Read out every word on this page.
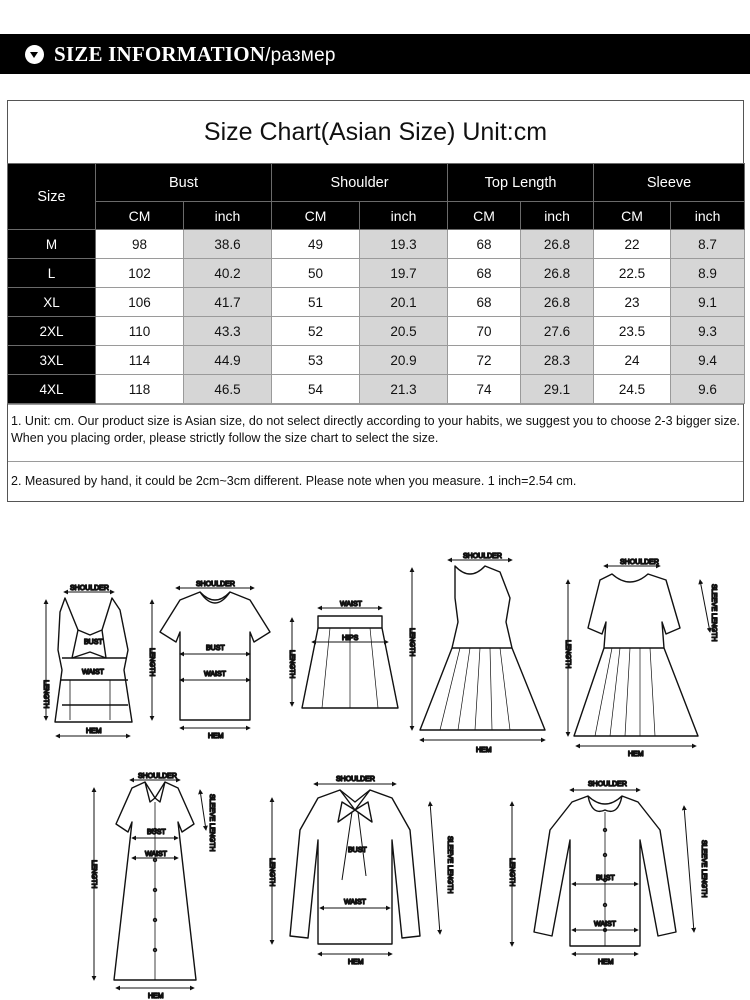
SIZE INFORMATION/размер
Size Chart(Asian Size) Unit:cm
Size	Bust		Shoulder		Top Length		Sleeve	
	CM	inch	CM	inch	CM	inch	CM	inch
M	98	38.6	49	19.3	68	26.8	22	8.7
L	102	40.2	50	19.7	68	26.8	22.5	8.9
XL	106	41.7	51	20.1	68	26.8	23	9.1
2XL	110	43.3	52	20.5	70	27.6	23.5	9.3
3XL	114	44.9	53	20.9	72	28.3	24	9.4
4XL	118	46.5	54	21.3	74	29.1	24.5	9.6
1. Unit: cm. Our product size is Asian size, do not select directly according to your habits, we suggest you to choose 2-3 bigger size. When you placing order, please strictly follow the size chart to select the size.
2. Measured by hand, it could be 2cm~3cm different. Please note when you measure. 1 inch=2.54 cm.
SHOULDER
BUST
WAIST
HEM
LENGTH
SHOULDER
BUST
WAIST
HEM
LENGTH
WAIST
HIPS
LENGTH
SHOULDER
HEM
LENGTH
SHOULDER
HEM
LENGTH
SLEEVE LENGTH
SHOULDER
BUST
WAIST
HEM
LENGTH
SLEEVE LENGTH
SHOULDER
BUST
WAIST
HEM
LENGTH	SLEEVE LENGTH
SHOULDER
BUST
WAIST
HEM
LENGTH	SLEEVE LENGTH
